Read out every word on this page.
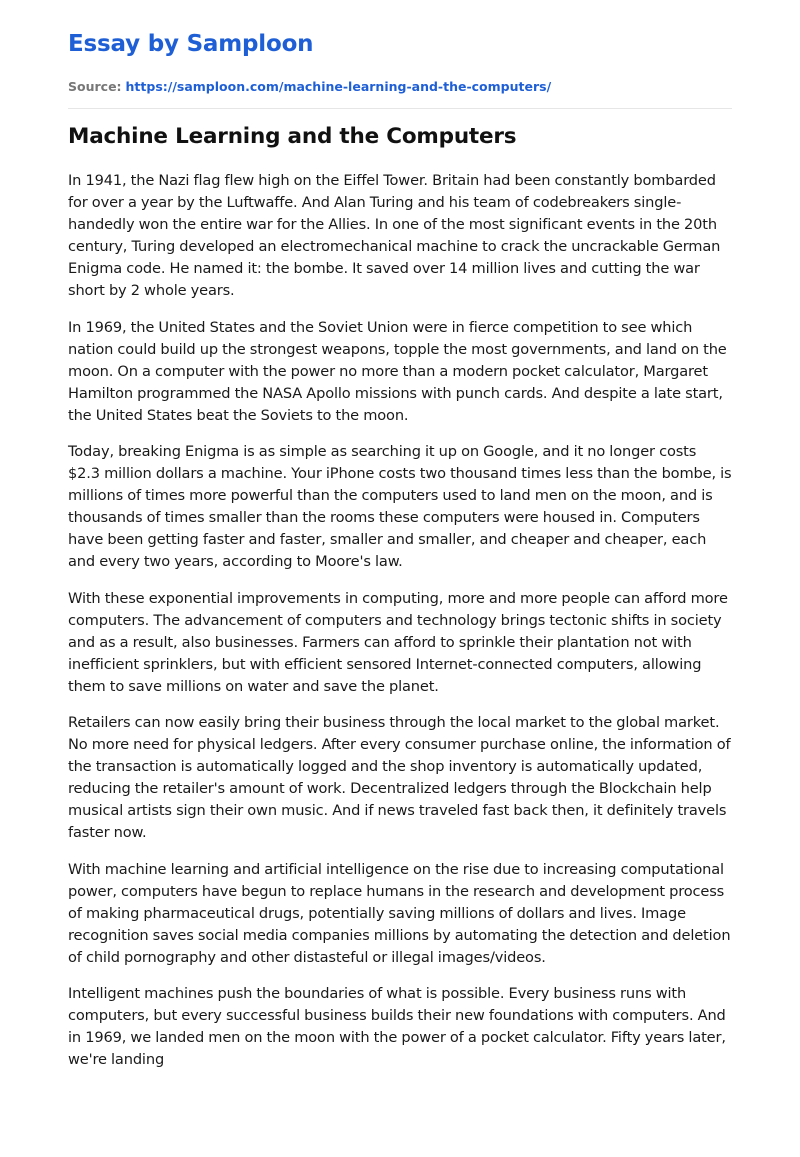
Essay by Samploon
Source: https://samploon.com/machine-learning-and-the-computers/
Machine Learning and the Computers

In 1941, the Nazi flag flew high on the Eiffel Tower. Britain had been constantly bombarded for over a year by the Luftwaffe. And Alan Turing and his team of codebreakers single-handedly won the entire war for the Allies. In one of the most significant events in the 20th century, Turing developed an electromechanical machine to crack the uncrackable German Enigma code. He named it: the bombe. It saved over 14 million lives and cutting the war short by 2 whole years.

In 1969, the United States and the Soviet Union were in fierce competition to see which nation could build up the strongest weapons, topple the most governments, and land on the moon. On a computer with the power no more than a modern pocket calculator, Margaret Hamilton programmed the NASA Apollo missions with punch cards. And despite a late start, the United States beat the Soviets to the moon.

Today, breaking Enigma is as simple as searching it up on Google, and it no longer costs $2.3 million dollars a machine. Your iPhone costs two thousand times less than the bombe, is millions of times more powerful than the computers used to land men on the moon, and is thousands of times smaller than the rooms these computers were housed in. Computers have been getting faster and faster, smaller and smaller, and cheaper and cheaper, each and every two years, according to Moore's law.

With these exponential improvements in computing, more and more people can afford more computers. The advancement of computers and technology brings tectonic shifts in society and as a result, also businesses. Farmers can afford to sprinkle their plantation not with inefficient sprinklers, but with efficient sensored Internet-connected computers, allowing them to save millions on water and save the planet.

Retailers can now easily bring their business through the local market to the global market. No more need for physical ledgers. After every consumer purchase online, the information of the transaction is automatically logged and the shop inventory is automatically updated, reducing the retailer's amount of work. Decentralized ledgers through the Blockchain help musical artists sign their own music. And if news traveled fast back then, it definitely travels faster now.

With machine learning and artificial intelligence on the rise due to increasing computational power, computers have begun to replace humans in the research and development process of making pharmaceutical drugs, potentially saving millions of dollars and lives. Image recognition saves social media companies millions by automating the detection and deletion of child pornography and other distasteful or illegal images/videos.

Intelligent machines push the boundaries of what is possible. Every business runs with computers, but every successful business builds their new foundations with computers. And in 1969, we landed men on the moon with the power of a pocket calculator. Fifty years later, we're landing
